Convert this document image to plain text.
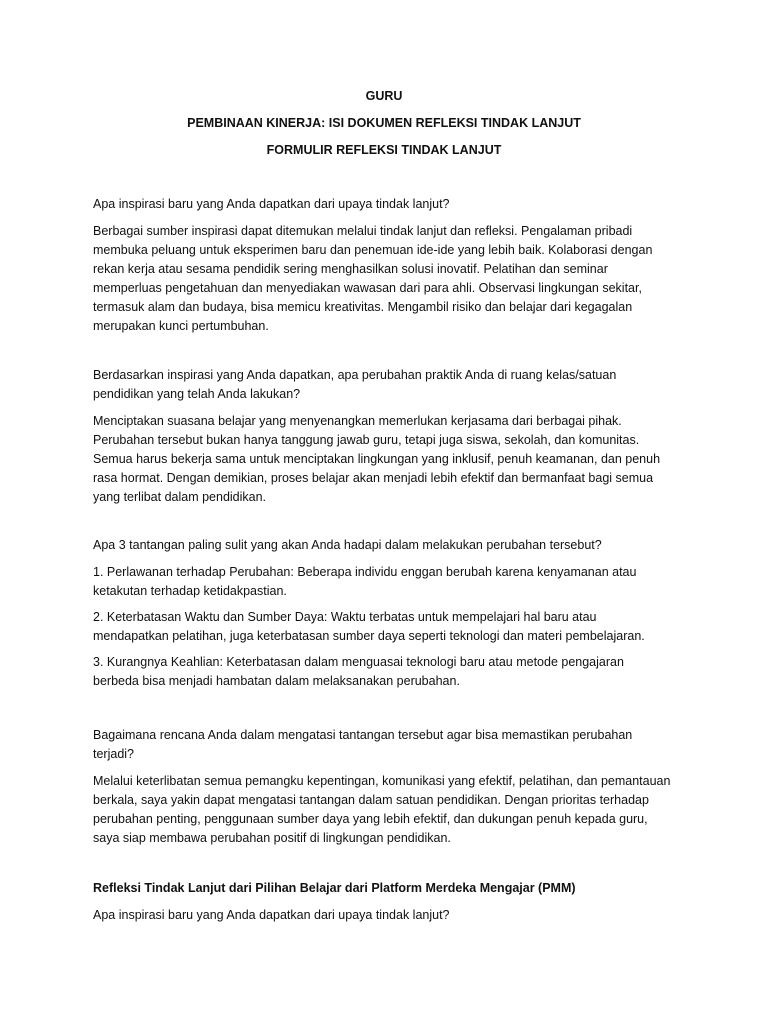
GURU
PEMBINAAN KINERJA: ISI DOKUMEN REFLEKSI TINDAK LANJUT
FORMULIR REFLEKSI TINDAK LANJUT

Apa inspirasi baru yang Anda dapatkan dari upaya tindak lanjut?

Berbagai sumber inspirasi dapat ditemukan melalui tindak lanjut dan refleksi. Pengalaman pribadi membuka peluang untuk eksperimen baru dan penemuan ide-ide yang lebih baik. Kolaborasi dengan rekan kerja atau sesama pendidik sering menghasilkan solusi inovatif. Pelatihan dan seminar memperluas pengetahuan dan menyediakan wawasan dari para ahli. Observasi lingkungan sekitar, termasuk alam dan budaya, bisa memicu kreativitas. Mengambil risiko dan belajar dari kegagalan merupakan kunci pertumbuhan.

Berdasarkan inspirasi yang Anda dapatkan, apa perubahan praktik Anda di ruang kelas/satuan pendidikan yang telah Anda lakukan?

Menciptakan suasana belajar yang menyenangkan memerlukan kerjasama dari berbagai pihak. Perubahan tersebut bukan hanya tanggung jawab guru, tetapi juga siswa, sekolah, dan komunitas. Semua harus bekerja sama untuk menciptakan lingkungan yang inklusif, penuh keamanan, dan penuh rasa hormat. Dengan demikian, proses belajar akan menjadi lebih efektif dan bermanfaat bagi semua yang terlibat dalam pendidikan.

Apa 3 tantangan paling sulit yang akan Anda hadapi dalam melakukan perubahan tersebut?

1. Perlawanan terhadap Perubahan: Beberapa individu enggan berubah karena kenyamanan atau ketakutan terhadap ketidakpastian.

2. Keterbatasan Waktu dan Sumber Daya: Waktu terbatas untuk mempelajari hal baru atau mendapatkan pelatihan, juga keterbatasan sumber daya seperti teknologi dan materi pembelajaran.

3. Kurangnya Keahlian: Keterbatasan dalam menguasai teknologi baru atau metode pengajaran berbeda bisa menjadi hambatan dalam melaksanakan perubahan.

Bagaimana rencana Anda dalam mengatasi tantangan tersebut agar bisa memastikan perubahan terjadi?

Melalui keterlibatan semua pemangku kepentingan, komunikasi yang efektif, pelatihan, dan pemantauan berkala, saya yakin dapat mengatasi tantangan dalam satuan pendidikan. Dengan prioritas terhadap perubahan penting, penggunaan sumber daya yang lebih efektif, dan dukungan penuh kepada guru, saya siap membawa perubahan positif di lingkungan pendidikan.

Refleksi Tindak Lanjut dari Pilihan Belajar dari Platform Merdeka Mengajar (PMM)

Apa inspirasi baru yang Anda dapatkan dari upaya tindak lanjut?
